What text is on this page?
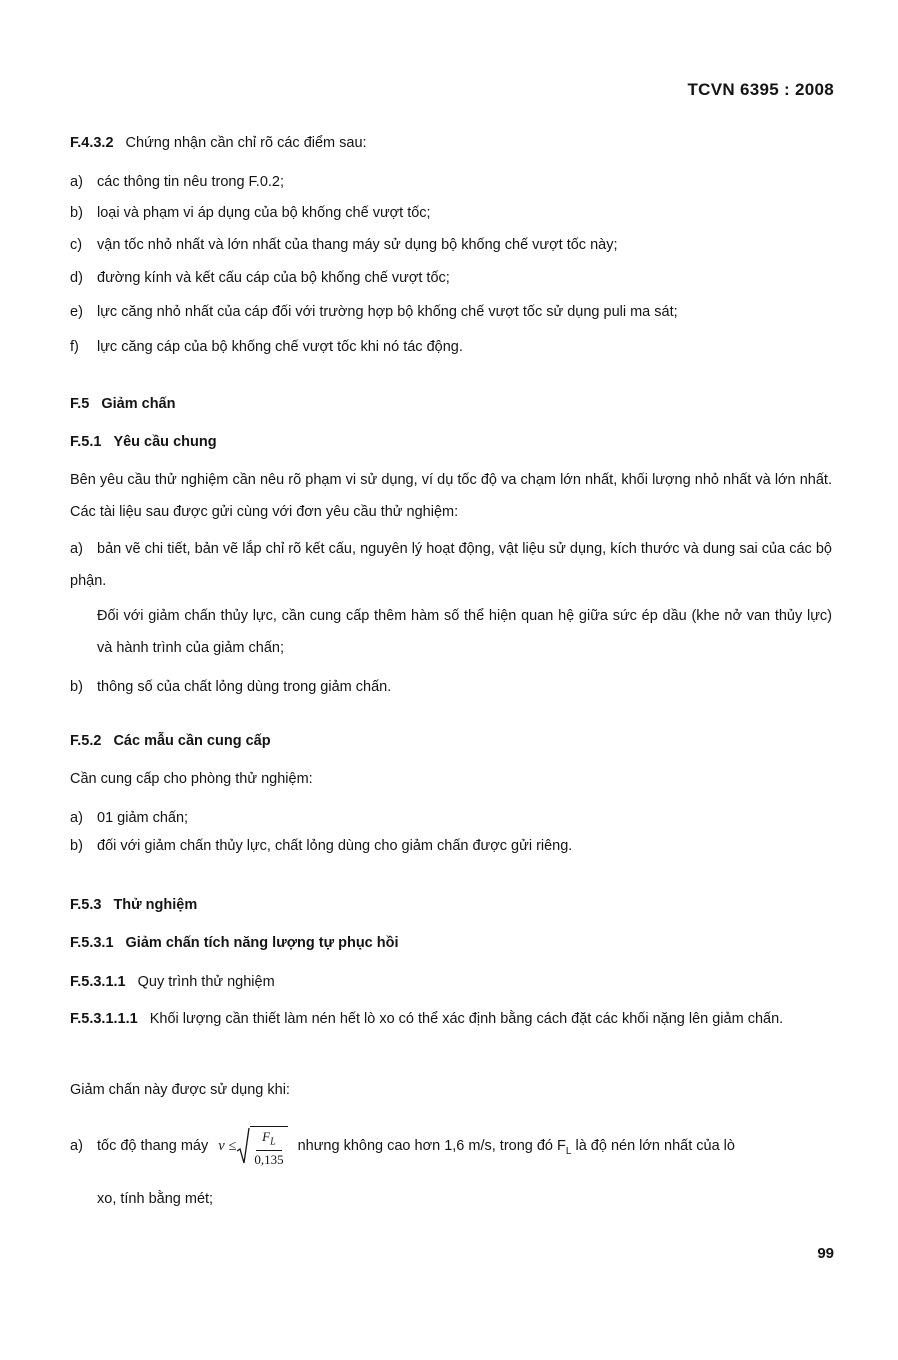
TCVN 6395 : 2008
F.4.3.2 Chứng nhận cần chỉ rõ các điểm sau:
a) các thông tin nêu trong F.0.2;
b) loại và phạm vi áp dụng của bộ khống chế vượt tốc;
c) vận tốc nhỏ nhất và lớn nhất của thang máy sử dụng bộ khống chế vượt tốc này;
d) đường kính và kết cấu cáp của bộ khống chế vượt tốc;
e) lực căng nhỏ nhất của cáp đối với trường hợp bộ khống chế vượt tốc sử dụng puli ma sát;
f) lực căng cáp của bộ khống chế vượt tốc khi nó tác động.
F.5 Giảm chấn
F.5.1 Yêu cầu chung
Bên yêu cầu thử nghiệm cần nêu rõ phạm vi sử dụng, ví dụ tốc độ va chạm lớn nhất, khối lượng nhỏ nhất và lớn nhất. Các tài liệu sau được gửi cùng với đơn yêu cầu thử nghiệm:
a) bản vẽ chi tiết, bản vẽ lắp chỉ rõ kết cấu, nguyên lý hoạt động, vật liệu sử dụng, kích thước và dung sai của các bộ phận.
Đối với giảm chấn thủy lực, cần cung cấp thêm hàm số thể hiện quan hệ giữa sức ép dầu (khe nở van thủy lực) và hành trình của giảm chấn;
b) thông số của chất lỏng dùng trong giảm chấn.
F.5.2 Các mẫu cần cung cấp
Cần cung cấp cho phòng thử nghiệm:
a) 01 giảm chấn;
b) đối với giảm chấn thủy lực, chất lỏng dùng cho giảm chấn được gửi riêng.
F.5.3 Thử nghiệm
F.5.3.1 Giảm chấn tích năng lượng tự phục hồi
F.5.3.1.1 Quy trình thử nghiệm
F.5.3.1.1.1 Khối lượng cần thiết làm nén hết lò xo có thể xác định bằng cách đặt các khối nặng lên giảm chấn.
Giảm chấn này được sử dụng khi:
a) tốc độ thang máy $v \le \frac{F_L}{0,135}$ nhưng không cao hơn 1,6 m/s, trong đó $F_L$ là độ nén lớn nhất của lò
xo, tính bằng mét;
99
